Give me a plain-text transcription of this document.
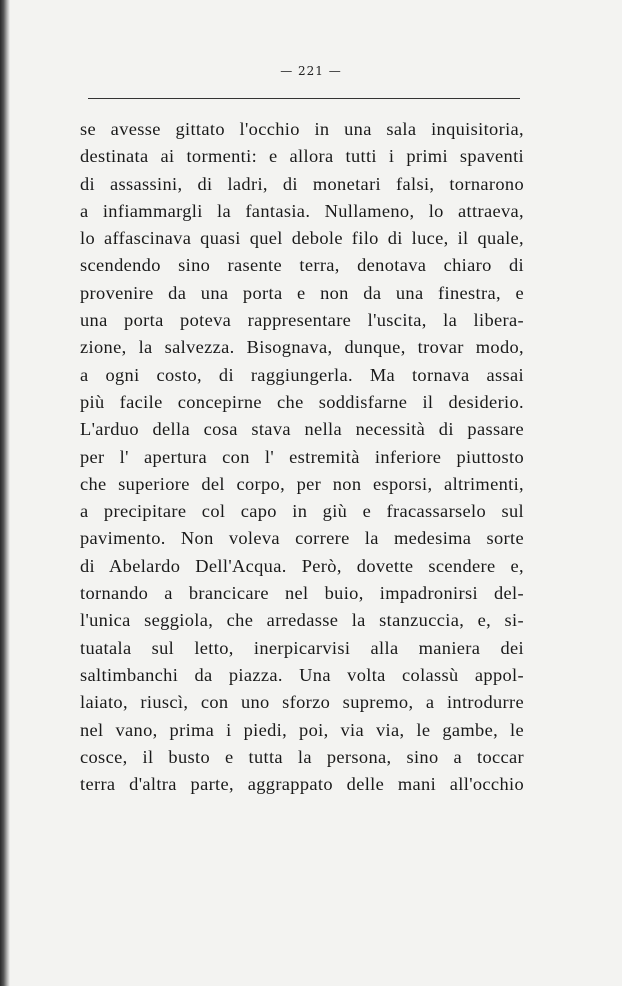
— 221 —
se avesse gittato l'occhio in una sala inquisitoria,
destinata ai tormenti: e allora tutti i primi spaventi
di assassini, di ladri, di monetari falsi, tornarono
a infiammargli la fantasia. Nullameno, lo attraeva,
lo affascinava quasi quel debole filo di luce, il quale,
scendendo sino rasente terra, denotava chiaro di
provenire da una porta e non da una finestra, e
una porta poteva rappresentare l'uscita, la libera-
zione, la salvezza. Bisognava, dunque, trovar modo,
a ogni costo, di raggiungerla. Ma tornava assai
più facile concepirne che soddisfarne il desiderio.
L'arduo della cosa stava nella necessità di passare
per l' apertura con l' estremità inferiore piuttosto
che superiore del corpo, per non esporsi, altrimenti,
a precipitare col capo in giù e fracassarselo sul
pavimento. Non voleva correre la medesima sorte
di Abelardo Dell'Acqua. Però, dovette scendere e,
tornando a brancicare nel buio, impadronirsi del-
l'unica seggiola, che arredasse la stanzuccia, e, si-
tuatala sul letto, inerpicarvisi alla maniera dei
saltimbanchi da piazza. Una volta colassù appol-
laiato, riuscì, con uno sforzo supremo, a introdurre
nel vano, prima i piedi, poi, via via, le gambe, le
cosce, il busto e tutta la persona, sino a toccar
terra d'altra parte, aggrappato delle mani all'occhio
